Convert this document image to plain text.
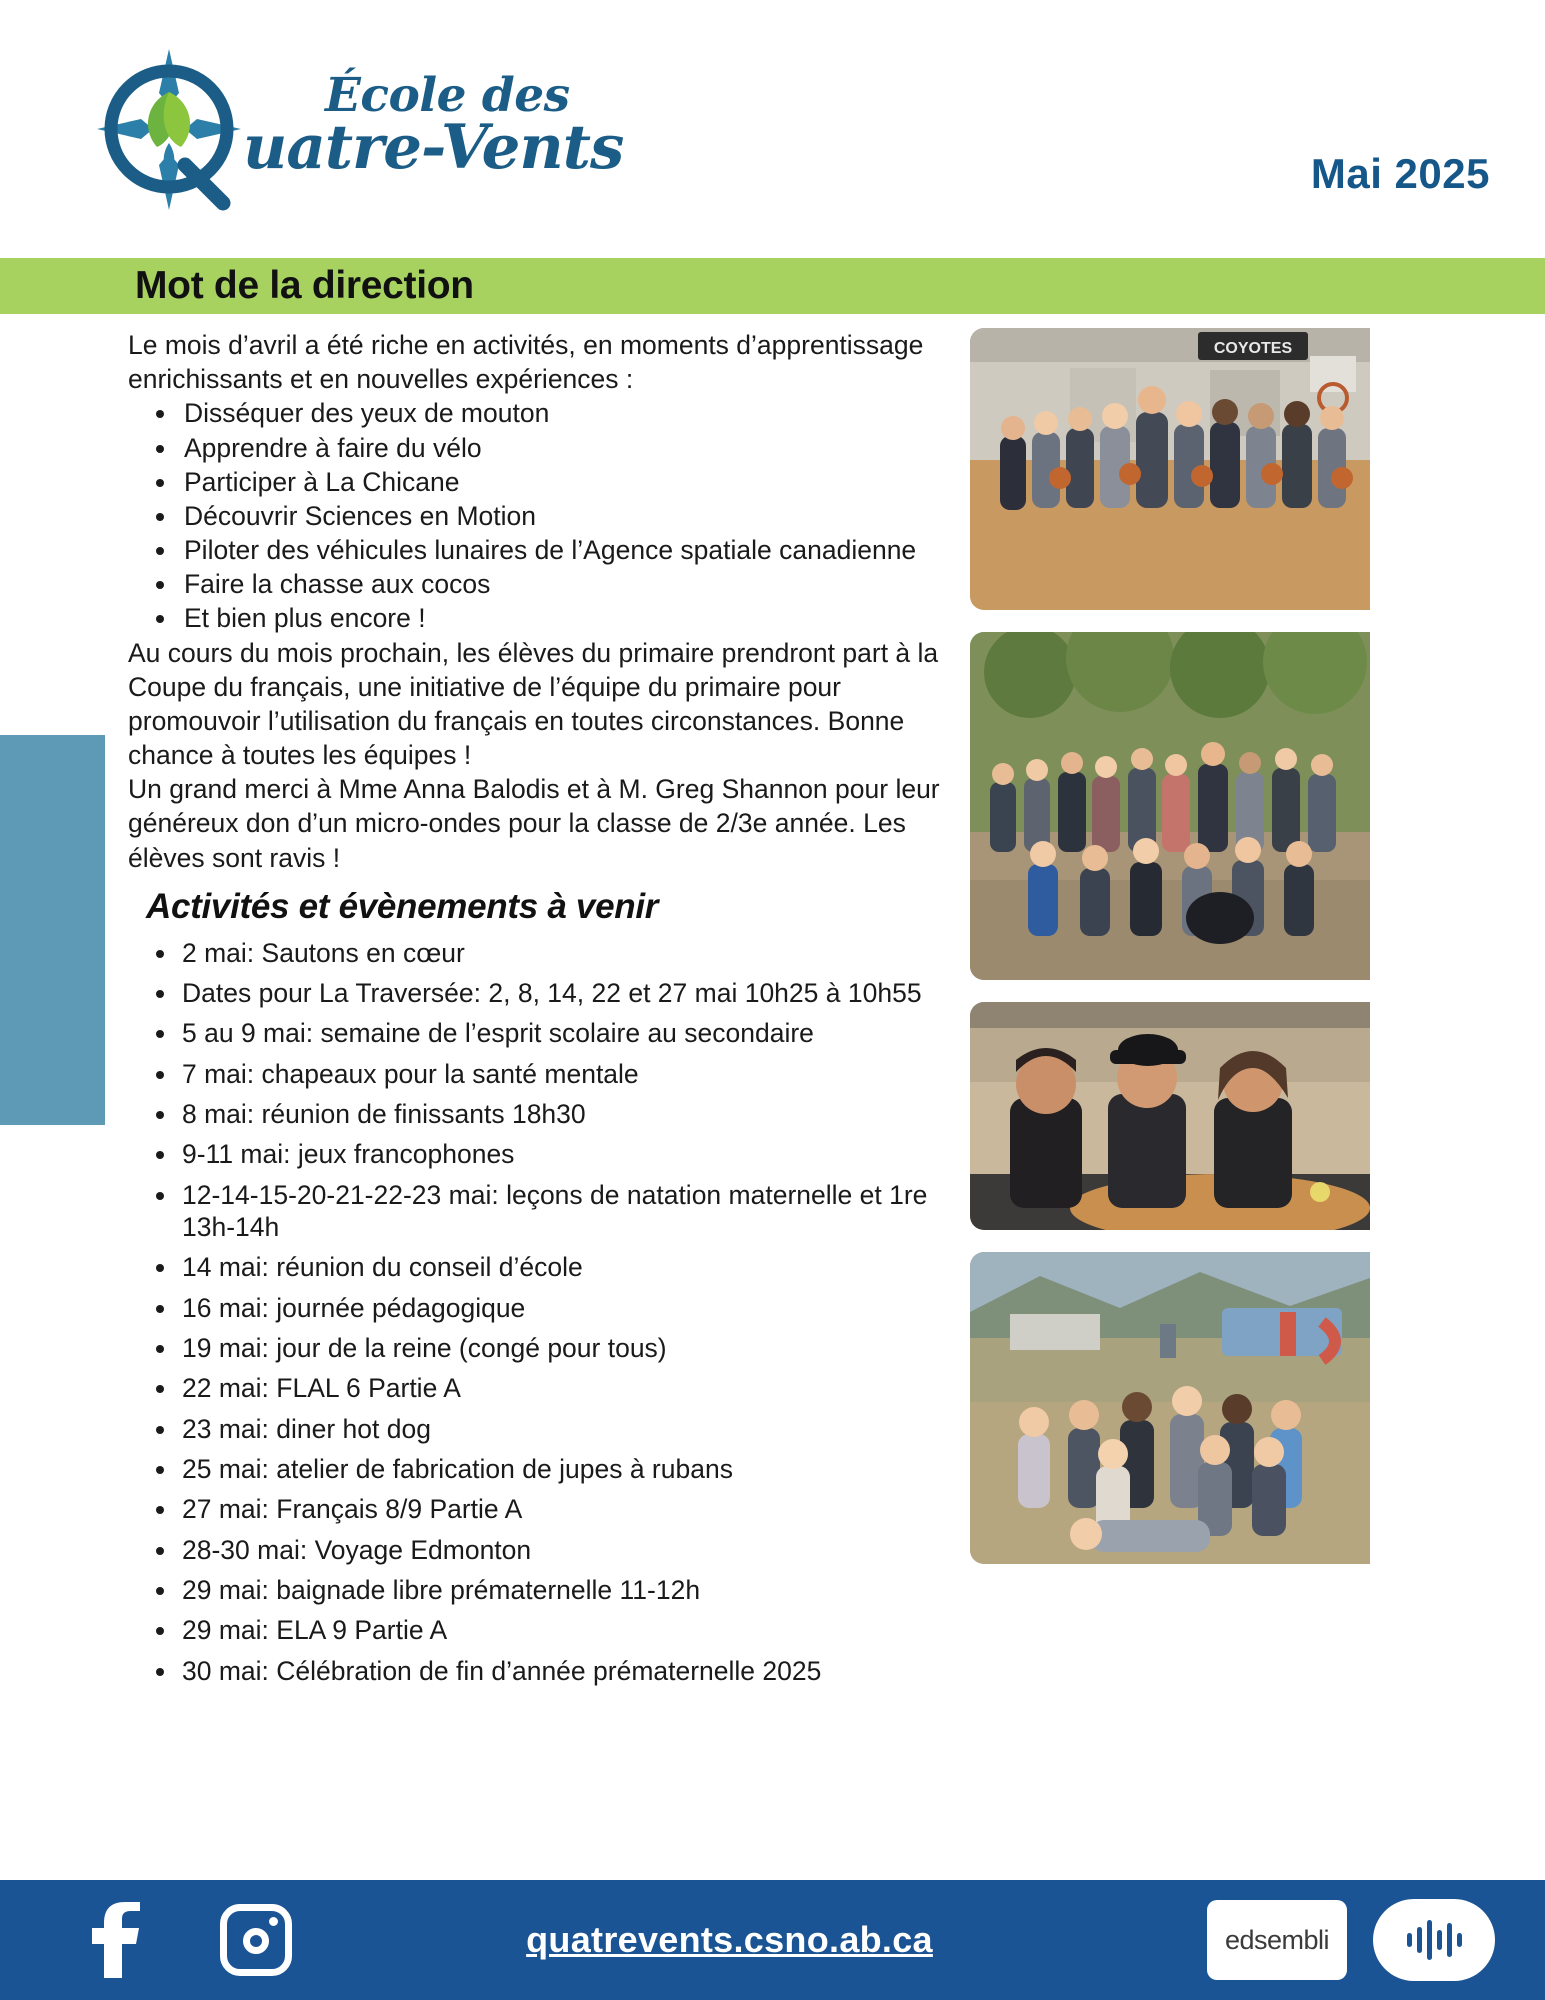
École des
uatre-Vents	Mai 2025
Mot de la direction

Le mois d’avril a été riche en activités, en moments d’apprentissage enrichissants et en nouvelles expériences :

Disséquer des yeux de mouton
Apprendre à faire du vélo
Participer à La Chicane
Découvrir Sciences en Motion
Piloter des véhicules lunaires de l’Agence spatiale canadienne
Faire la chasse aux cocos
Et bien plus encore !

Au cours du mois prochain, les élèves du primaire prendront part à la Coupe du français, une initiative de l’équipe du primaire pour promouvoir l’utilisation du français en toutes circonstances. Bonne chance à toutes les équipes !

Un grand merci à Mme Anna Balodis et à M. Greg Shannon pour leur généreux don d’un micro-ondes pour la classe de 2/3e année. Les élèves sont ravis !

Activités et évènements à venir
2 mai: Sautons en cœur
Dates pour La Traversée: 2, 8, 14, 22 et 27 mai 10h25 à 10h55
5 au 9 mai: semaine de l’esprit scolaire au secondaire
7 mai: chapeaux pour la santé mentale
8 mai: réunion de finissants 18h30
9-11 mai: jeux francophones
12-14-15-20-21-22-23 mai: leçons de natation maternelle et 1re 13h-14h
14 mai: réunion du conseil d’école
16 mai: journée pédagogique
19 mai: jour de la reine (congé pour tous)
22 mai: FLAL 6 Partie A
23 mai: diner hot dog
25 mai: atelier de fabrication de jupes à rubans
27 mai: Français 8/9 Partie A
28-30 mai: Voyage Edmonton
29 mai: baignade libre prématernelle 11-12h
29 mai: ELA 9 Partie A
30 mai: Célébration de fin d’année prématernelle 2025
COYOTES
quatrevents.csno.ab.ca	edsembli
